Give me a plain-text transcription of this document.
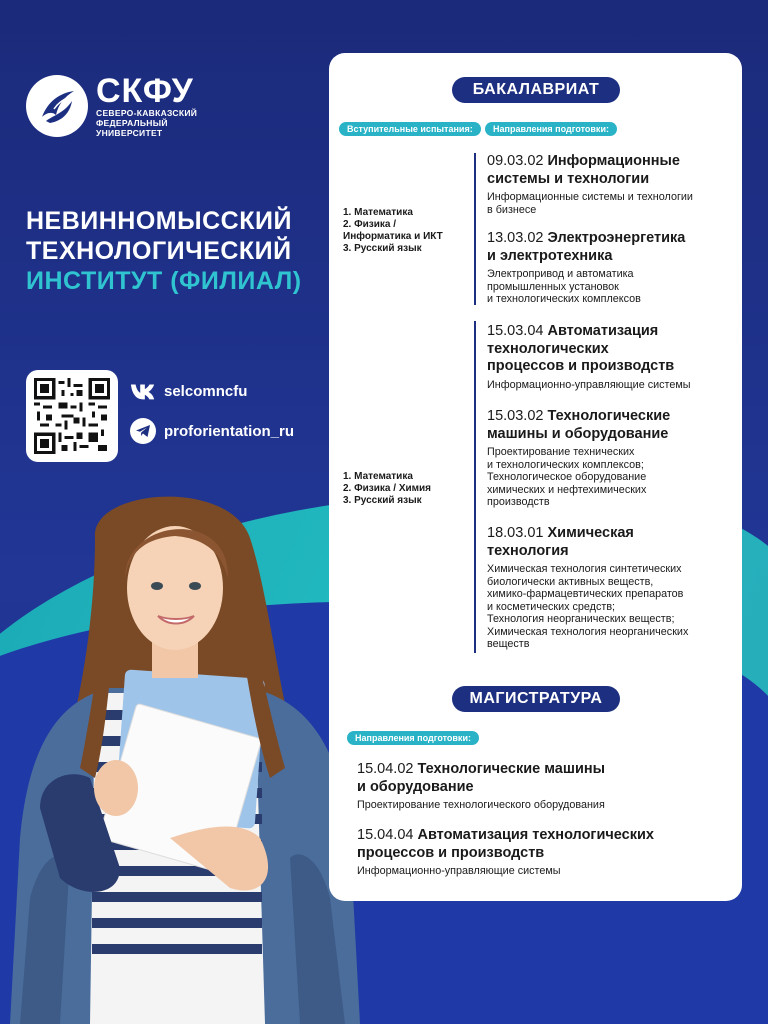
СКФУ
СЕВЕРО-КАВКАЗСКИЙ
ФЕДЕРАЛЬНЫЙ
УНИВЕРСИТЕТ
НЕВИННОМЫССКИЙ
ТЕХНОЛОГИЧЕСКИЙ
ИНСТИТУТ (ФИЛИАЛ)
selcomncfu
proforientation_ru
БАКАЛАВРИАТ
Вступительные испытания:	Направления подготовки:
1. Математика
2. Физика /
Информатика и ИКТ
3. Русский язык
1. Математика
2. Физика / Химия
3. Русский язык
09.03.02 Информационные
системы и технологии
Информационные системы и технологии
в бизнесе
13.03.02 Электроэнергетика
и электротехника
Электропривод и автоматика
промышленных установок
и технологических комплексов
15.03.04 Автоматизация
технологических
процессов и производств
Информационно-управляющие системы
15.03.02 Технологические
машины и оборудование
Проектирование технических
и технологических комплексов;
Технологическое оборудование
химических и нефтехимических
производств
18.03.01 Химическая
технология
Химическая технология синтетических
биологически активных веществ,
химико-фармацевтических препаратов
и косметических средств;
Технология неорганических веществ;
Химическая технология неорганических
веществ
МАГИСТРАТУРА
Направления подготовки:
15.04.02 Технологические машины
и оборудование
Проектирование технологического оборудования
15.04.04 Автоматизация технологических
процессов и производств
Информационно-управляющие системы
